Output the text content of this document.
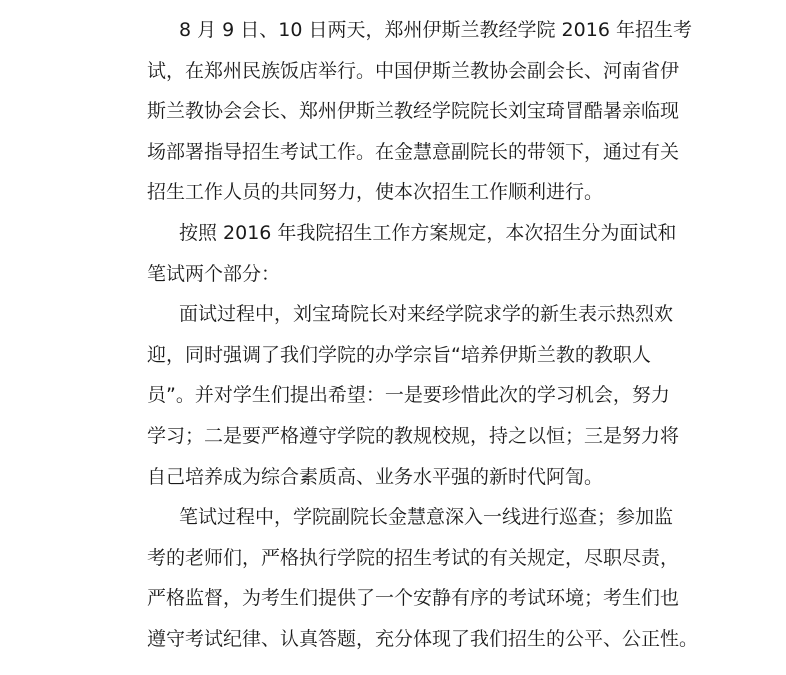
8 月 9 日、10 日两天，郑州伊斯兰教经学院 2016 年招生考
试，在郑州民族饭店举行。中国伊斯兰教协会副会长、河南省伊
斯兰教协会会长、郑州伊斯兰教经学院院长刘宝琦冒酷暑亲临现
场部署指导招生考试工作。在金慧意副院长的带领下，通过有关
招生工作人员的共同努力，使本次招生工作顺利进行。
按照 2016 年我院招生工作方案规定，本次招生分为面试和
笔试两个部分：
面试过程中，刘宝琦院长对来经学院求学的新生表示热烈欢
迎，同时强调了我们学院的办学宗旨“培养伊斯兰教的教职人
员”。并对学生们提出希望：一是要珍惜此次的学习机会，努力
学习；二是要严格遵守学院的教规校规，持之以恒；三是努力将
自己培养成为综合素质高、业务水平强的新时代阿訇。
笔试过程中，学院副院长金慧意深入一线进行巡查；参加监
考的老师们，严格执行学院的招生考试的有关规定，尽职尽责，
严格监督，为考生们提供了一个安静有序的考试环境；考生们也
遵守考试纪律、认真答题，充分体现了我们招生的公平、公正性。
